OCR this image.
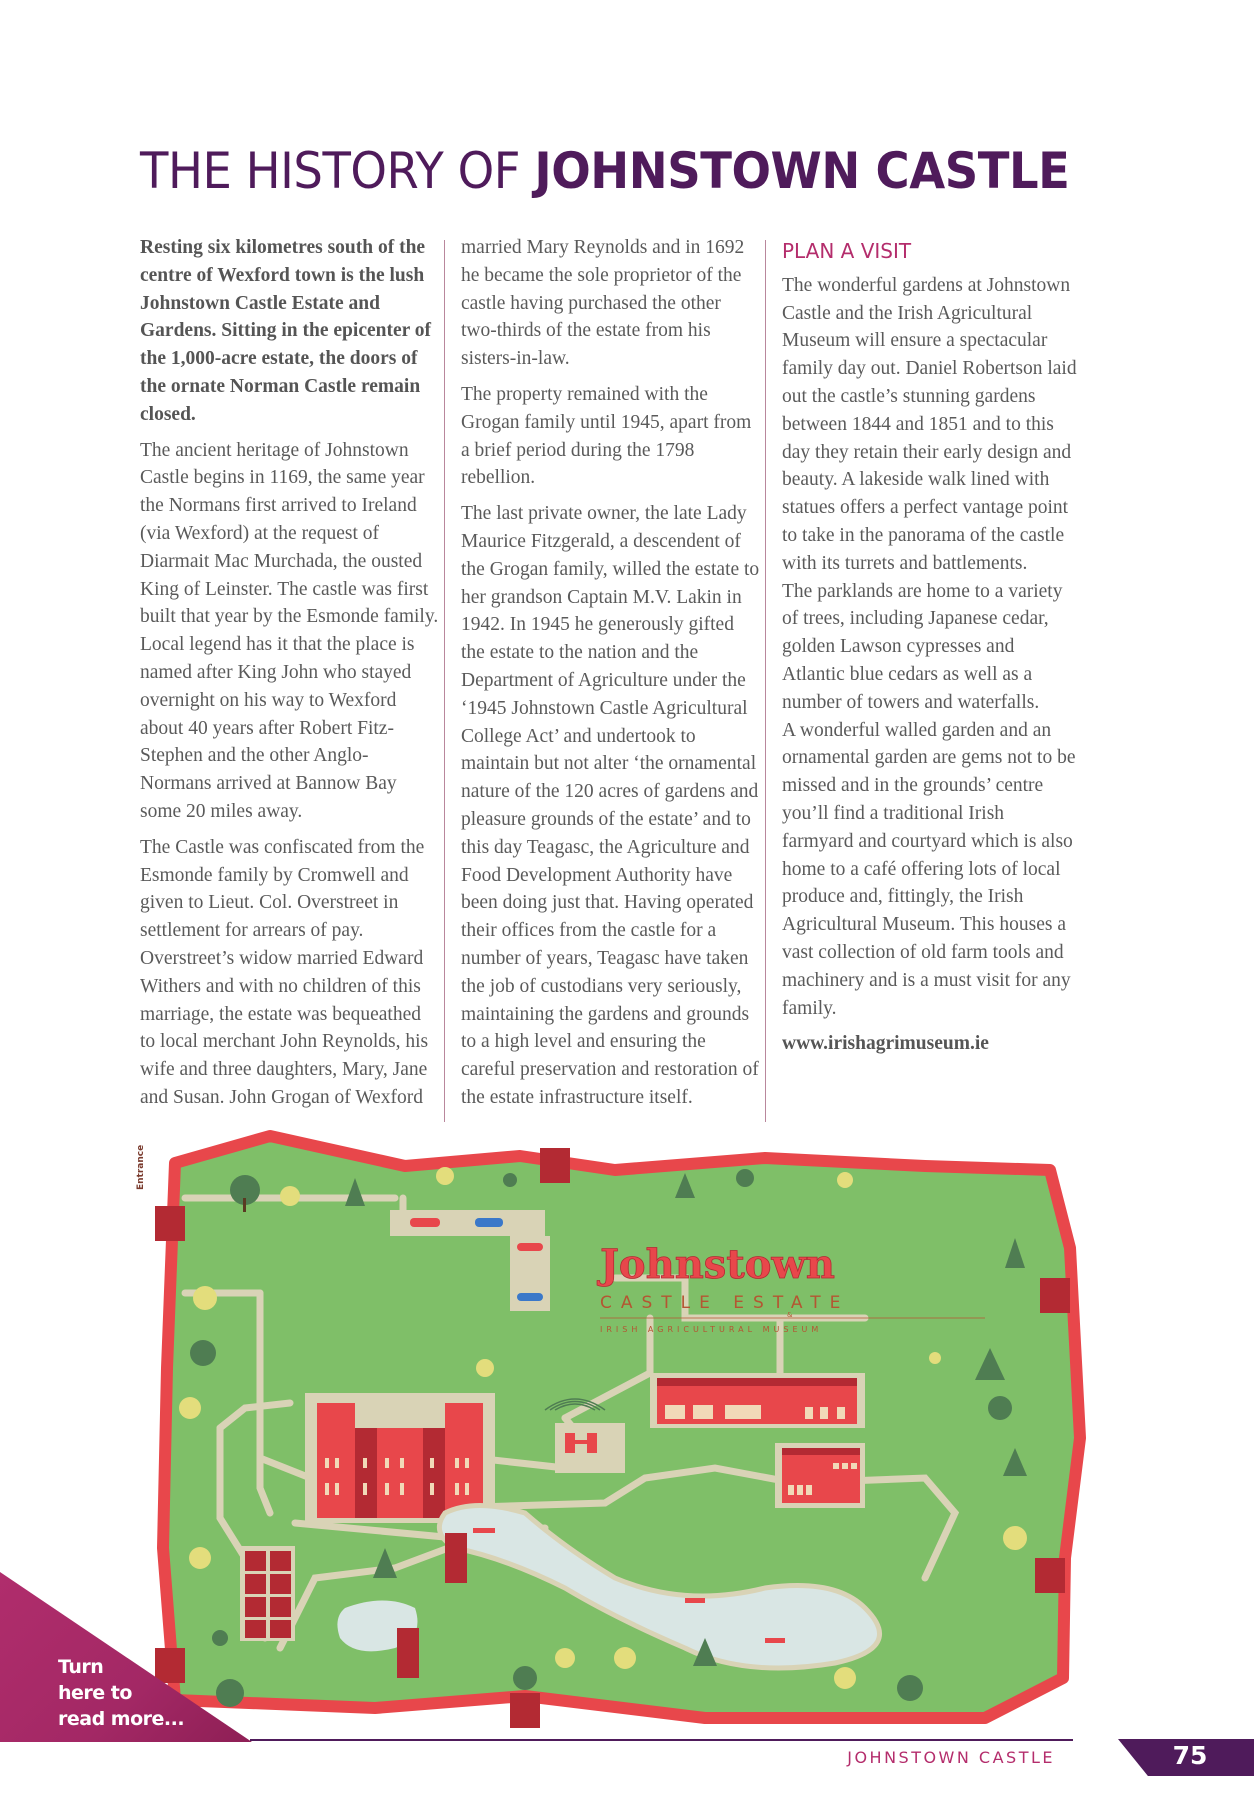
THE HISTORY OF JOHNSTOWN CASTLE

Resting six kilometres south of the centre of Wexford town is the lush Johnstown Castle Estate and Gardens. Sitting in the epicenter of the 1,000-acre estate, the doors of the ornate Norman Castle remain closed.

The ancient heritage of Johnstown Castle begins in 1169, the same year the Normans first arrived to Ireland (via Wexford) at the request of Diarmait Mac Murchada, the ousted King of Leinster. The castle was first built that year by the Esmonde family. Local legend has it that the place is named after King John who stayed overnight on his way to Wexford about 40 years after Robert Fitz-Stephen and the other Anglo-Normans arrived at Bannow Bay some 20 miles away.

The Castle was confiscated from the Esmonde family by Cromwell and given to Lieut. Col. Overstreet in settlement for arrears of pay. Overstreet’s widow married Edward Withers and with no children of this marriage, the estate was bequeathed to local merchant John Reynolds, his wife and three daughters, Mary, Jane and Susan. John Grogan of Wexford

married Mary Reynolds and in 1692 he became the sole proprietor of the castle having purchased the other two-thirds of the estate from his sisters-in-law.

The property remained with the Grogan family until 1945, apart from a brief period during the 1798 rebellion.

The last private owner, the late Lady Maurice Fitzgerald, a descendent of the Grogan family, willed the estate to her grandson Captain M.V. Lakin in 1942. In 1945 he generously gifted the estate to the nation and the Department of Agriculture under the ‘1945 Johnstown Castle Agricultural College Act’ and undertook to maintain but not alter ‘the ornamental nature of the 120 acres of gardens and pleasure grounds of the estate’ and to this day Teagasc, the Agriculture and Food Development Authority have been doing just that. Having operated their offices from the castle for a number of years, Teagasc have taken the job of custodians very seriously, maintaining the gardens and grounds to a high level and ensuring the careful preservation and restoration of the estate infrastructure itself.

PLAN A VISIT

The wonderful gardens at Johnstown Castle and the Irish Agricultural Museum will ensure a spectacular family day out. Daniel Robertson laid out the castle’s stunning gardens between 1844 and 1851 and to this day they retain their early design and beauty. A lakeside walk lined with statues offers a perfect vantage point to take in the panorama of the castle with its turrets and battlements.

The parklands are home to a variety of trees, including Japanese cedar, golden Lawson cypresses and Atlantic blue cedars as well as a number of towers and waterfalls.

A wonderful walled garden and an ornamental garden are gems not to be missed and in the grounds’ centre you’ll find a traditional Irish farmyard and courtyard which is also home to a café offering lots of local produce and, fittingly, the Irish Agricultural Museum. This houses a vast collection of old farm tools and machinery and is a must visit for any family.

www.irishagrimuseum.ie

Johnstown
CASTLE ESTATE
&
IRISH AGRICULTURAL MUSEUM
Entrance
Turn
here to
read more...
JOHNSTOWN CASTLE	75
